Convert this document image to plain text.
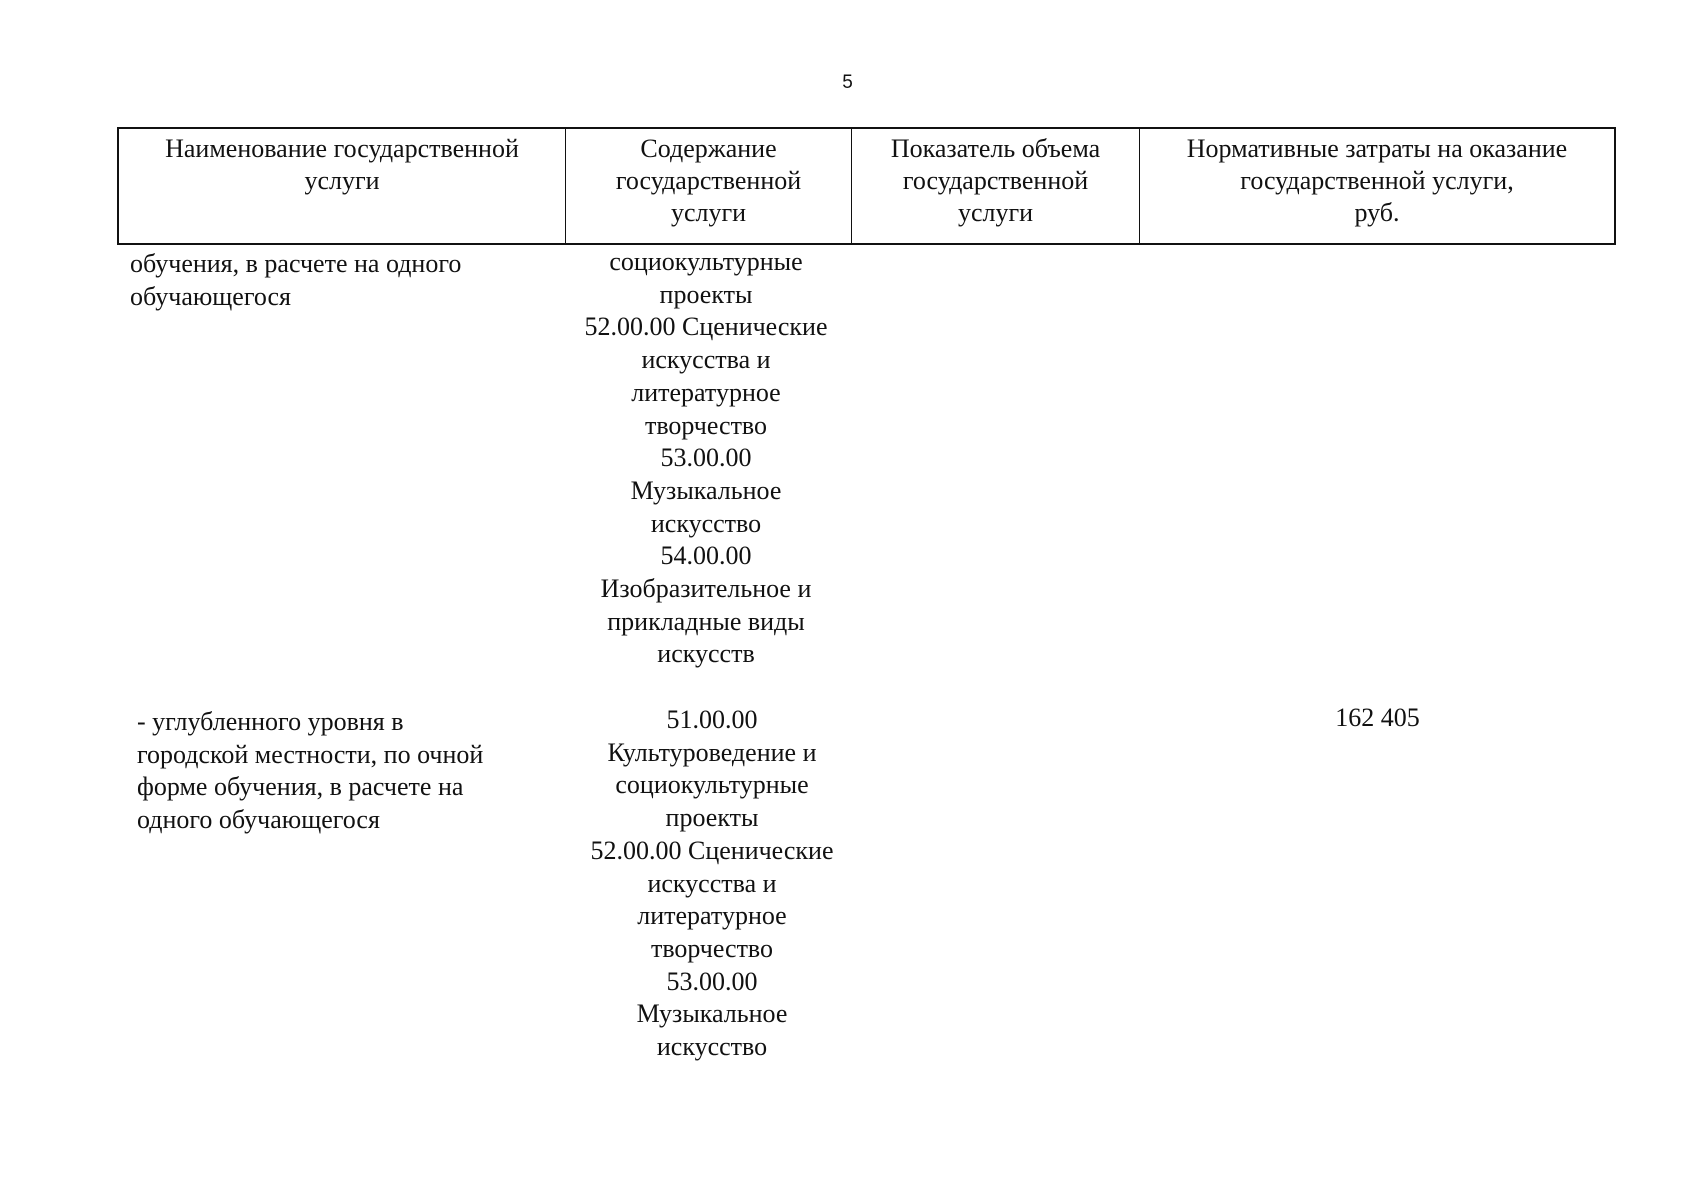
5
Наименование государственной
услуги
Содержание
государственной
услуги
Показатель объема
государственной
услуги
Нормативные затраты на оказание
государственной услуги,
руб.
обучения, в расчете на одного
обучающегося
социокультурные
проекты
52.00.00 Сценические
искусства и
литературное
творчество
53.00.00
Музыкальное
искусство
54.00.00
Изобразительное и
прикладные виды
искусств
- углубленного уровня в
городской местности, по очной
форме обучения, в расчете на
одного обучающегося
51.00.00
Культуроведение и
социокультурные
проекты
52.00.00 Сценические
искусства и
литературное
творчество
53.00.00
Музыкальное
искусство
162 405
